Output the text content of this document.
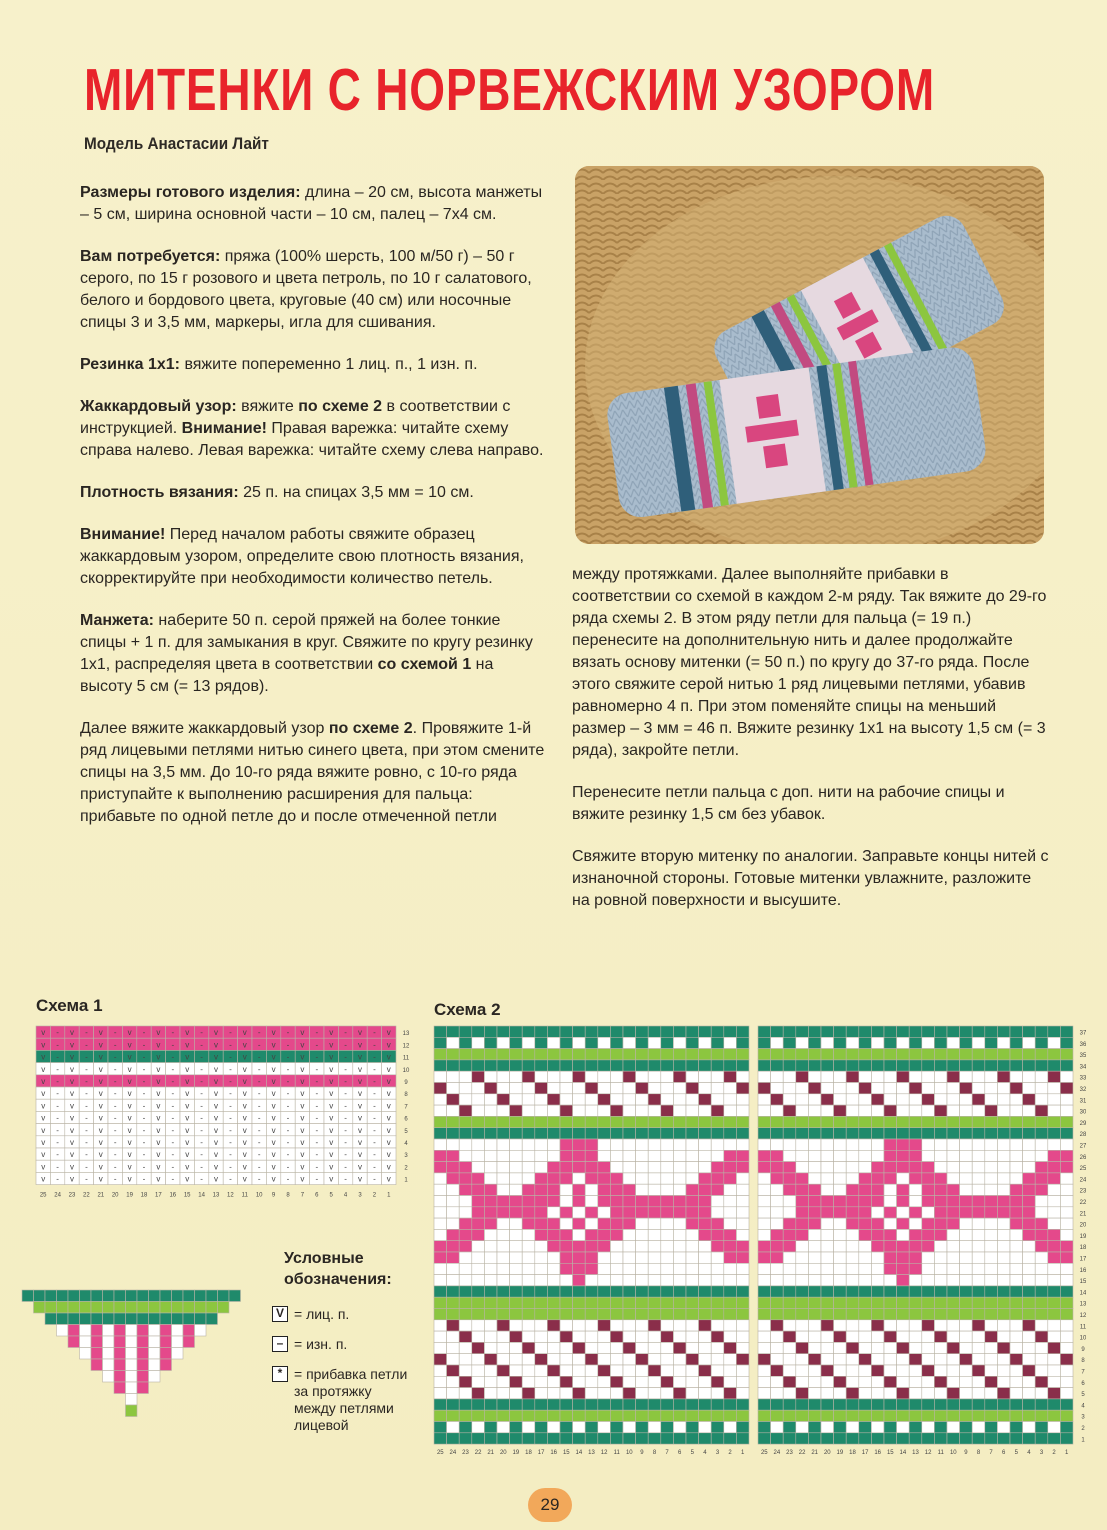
МИТЕНКИ С НОРВЕЖСКИМ УЗОРОМ
Модель Анастасии Лайт

Размеры готового изделия: длина – 20 см, высота манжеты – 5 см, ширина основной части – 10 см, палец – 7х4 см.

Вам потребуется: пряжа (100% шерсть, 100 м/50 г) – 50 г серого, по 15 г розового и цвета петроль, по 10 г салатового, белого и бордового цвета, круговые (40 см) или носочные спицы 3 и 3,5 мм, маркеры, игла для сшивания.

Резинка 1х1: вяжите попеременно 1 лиц. п., 1 изн. п.

Жаккардовый узор: вяжите по схеме 2 в соответствии с инструкцией. Внимание! Правая варежка: читайте схему справа налево. Левая варежка: читайте схему слева направо.

Плотность вязания: 25 п. на спицах 3,5 мм = 10 см.

Внимание! Перед началом работы свяжите образец жаккардовым узором, определите свою плотность вязания, скорректируйте при необходимости количество петель.

Манжета: наберите 50 п. серой пряжей на более тонкие спицы + 1 п. для замыкания в круг. Свяжите по кругу резинку 1х1, распределяя цвета в соответствии со схемой 1 на высоту 5 см (= 13 рядов).

Далее вяжите жаккардовый узор по схеме 2. Провяжите 1-й ряд лицевыми петлями нитью синего цвета, при этом смените спицы на 3,5 мм. До 10-го ряда вяжите ровно, с 10-го ряда приступайте к выполнению расширения для пальца: прибавьте по одной петле до и после отмеченной петли

между протяжками. Далее выполняйте прибавки в соответствии со схемой в каждом 2-м ряду. Так вяжите до 29-го ряда схемы 2. В этом ряду петли для пальца (= 19 п.) перенесите на дополнительную нить и далее продолжайте вязать основу митенки (= 50 п.) по кругу до 37-го ряда. После этого свяжите серой нитью 1 ряд лицевыми петлями, убавив равномерно 4 п. При этом поменяйте спицы на меньший размер – 3 мм = 46 п. Вяжите резинку 1х1 на высоту 1,5 см (= 3 ряда), закройте петли.

Перенесите петли пальца с доп. нити на рабочие спицы и вяжите резинку 1,5 см без убавок.

Свяжите вторую митенку по аналогии. Заправьте концы нитей с изнаночной стороны. Готовые митенки увлажните, разложите на ровной поверхности и высушите.

Схема 1
v - v - v - v - v - v - v - v - v - v - v - v - v 13
v - v - v - v - v - v - v - v - v - v - v - v - v 12
v - v - v - v - v - v - v - v - v - v - v - v - v 11
v - v - v - v - v - v - v - v - v - v - v - v - v 10
v - v - v - v - v - v - v - v - v - v - v - v - v 9
v - v - v - v - v - v - v - v - v - v - v - v - v 8
v - v - v - v - v - v - v - v - v - v - v - v - v 7
v - v - v - v - v - v - v - v - v - v - v - v - v 6
v - v - v - v - v - v - v - v - v - v - v - v - v 5
v - v - v - v - v - v - v - v - v - v - v - v - v 4
v - v - v - v - v - v - v - v - v - v - v - v - v 3
v - v - v - v - v - v - v - v - v - v - v - v - v 2
v - v - v - v - v - v - v - v - v - v - v - v - v 1
25 24 23 22 21 20 19 18 17 16 15 14 13 12 11 10 9 8 7 6 5 4 3 2 1
Условные
обозначения:
V = лиц. п.
– = изн. п.
* = прибавка петли за протяжку между петлями лицевой
Схема 2
25 24 23 22 21 20 19 18 17 16 15 14 13 12 11 10 9 8 7 6 5 4 3 2 1
37
36
35
34
33
32
31
30
29
28
27
26
25
24
23
22
21
20
19
18
17
16
15
14
13
12
11
10
9
8
7
6
5
4
3
2
1
25 24 23 22 21 20 19 18 17 16 15 14 13 12 11 10 9 8 7 6 5 4 3 2 1
29
